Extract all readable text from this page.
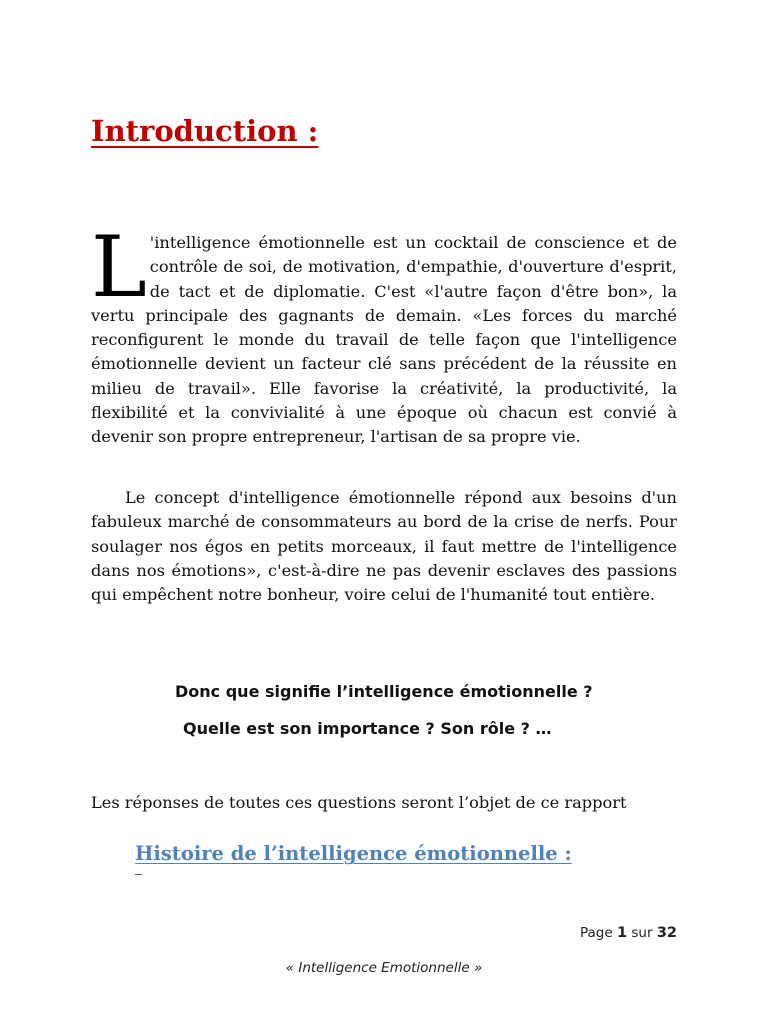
Introduction :

L 'intelligence émotionnelle est un cocktail de conscience et de contrôle de soi, de motivation, d'empathie, d'ouverture d'esprit, de tact et de diplomatie. C'est «l'autre façon d'être bon», la vertu principale des gagnants de demain. «Les forces du marché reconfigurent le monde du travail de telle façon que l'intelligence émotionnelle devient un facteur clé sans précédent de la réussite en milieu de travail». Elle favorise la créativité, la productivité, la flexibilité et la convivialité à une époque où chacun est convié à devenir son propre entrepreneur, l'artisan de sa propre vie.

Le concept d'intelligence émotionnelle répond aux besoins d'un fabuleux marché de consommateurs au bord de la crise de nerfs. Pour soulager nos égos en petits morceaux, il faut mettre de l'intelligence dans nos émotions», c'est-à-dire ne pas devenir esclaves des passions qui empêchent notre bonheur, voire celui de l'humanité tout entière.

Donc que signifie l’intelligence émotionnelle ?

Quelle est son importance ? Son rôle ? …

Les réponses de toutes ces questions seront l’objet de ce rapport

Histoire de l’intelligence émotionnelle :
Page 1 sur 32
« Intelligence Emotionnelle »
